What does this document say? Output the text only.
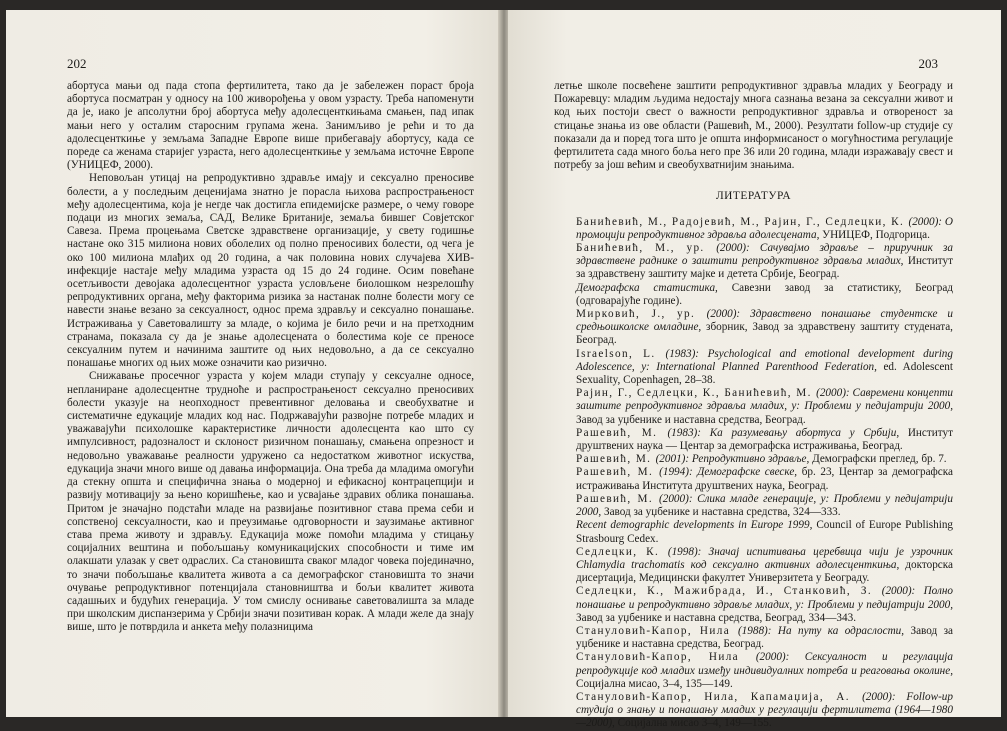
202

абортуса мањи од пада стопа фертилитета, тако да је забележен пораст броја абортуса посматран у односу на 100 живорођења у овом узрасту. Треба напоменути да је, иако је апсолутни број абортуса међу адолесценткињама смањен, пад ипак мањи него у осталим старосним групама жена. Занимљиво је рећи и то да адолесценткиње у земљама Западне Европе више прибегавају абортусу, када се пореде са женама старијег узраста, него адолесценткиње у земљама источне Европе (УНИЦЕФ, 2000).

Неповољан утицај на репродуктивно здравље имају и сексуално преносиве болести, а у последњим деценијама знатно је порасла њихова распрострањеност међу адолесцентима, која је негде чак достигла епидемијске размере, о чему говоре подаци из многих земаља, САД, Велике Британије, земаља бившег Совјетског Савеза. Према процењама Светске здравствене организације, у свету годишње настане око 315 милиона нових оболелих од полно преносивих болести, од чега је око 100 милиона млађих од 20 година, а чак половина нових случајева ХИВ-инфекције настаје међу младима узраста од 15 до 24 године. Осим повећане осетљивости девојака адолесцентног узраста условљене биолошком незрелошћу репродуктивних органа, међу факторима ризика за настанак полне болести могу се навести знање везано за сексуалност, однос према здрављу и сексуално понашање. Истраживања у Саветовалишту за младе, о којима је било речи и на претходним странама, показала су да је знање адолесцената о болестима које се преносе сексуалним путем и начинима заштите од њих недовољно, а да се сексуално понашање многих од њих може означити као ризично.

Снижавање просечног узраста у којем млади ступају у сексуалне односе, непланиране адолесцентне трудноће и распрострањеност сексуално преносивих болести указује на неопходност превентивног деловања и свеобухватне и систематичне едукације младих код нас. Подржавајући развојне потребе младих и уважавајући психолошке карактеристике личности адолесцента као што су импулсивност, радозналост и склоност ризичном понашању, смањена опрезност и недовољно уважавање реалности удружено са недостатком животног искуства, едукација значи много више од давања информација. Она треба да младима омогући да стекну општа и специфична знања о модерној и ефикасној контрацепцији и развију мотивацију за њено коришћење, као и усвајање здравих облика понашања. Притом је значајно подстаћи младе на развијање позитивног става према себи и сопственој сексуалности, као и преузимање одговорности и заузимање активног става према животу и здрављу. Едукација може помоћи младима у стицању социјалних вештина и побољшању комуникацијских способности и тиме им олакшати улазак у свет одраслих. Са становишта сваког младог човека појединачно, то значи побољшање квалитета живота а са демографског становишта то значи очување репродуктивног потенцијала становништва и бољи квалитет живота садашњих и будућих генерација. У том смислу оснивање саветовалишта за младе при школским диспанзерима у Србији значи позитиван корак. А млади желе да знају више, што је потврдила и анкета међу полазницима

203

летње школе посвећене заштити репродуктивног здравља младих у Београду и Пожаревцу: младим људима недостају многа сазнања везана за сексуални живот и код њих постоји свест о важности репродуктивног здравља и отвореност за стицање знања из ове области (Рашевић, М., 2000). Резултати follow-up студије су показали да и поред тога што је општа информисаност о могућностима регулације фертилитета сада много боља него пре 36 или 20 година, млади изражавају свест и потребу за још већим и свеобухватнијим знањима.

ЛИТЕРАТУРА

Банићевић, М., Радојевић, М., Рајин, Г., Седлецки, К. (2000): О промоцији репродуктивног здравља адолесцената, УНИЦЕФ, Подгорица.

Банићевић, М., ур. (2000): Сачувајмо здравље – приручник за здравствене раднике о заштити репродуктивног здравља младих, Институт за здравствену заштиту мајке и детета Србије, Београд.

Демографска статистика, Савезни завод за статистику, Београд (одговарајуће године).

Мирковић, Ј., ур. (2000): Здравствено понашање студентске и средњошколске омладине, зборник, Завод за здравствену заштиту студената, Београд.

Israelson, L. (1983): Psychological and emotional development during Adolescence, у: International Planned Parenthood Federation, ed. Adolescent Sexuality, Copenhagen, 28–38.

Рајин, Г., Седлецки, К., Банићевић, М. (2000): Савремени концепти заштите репродуктивног здравља младих, у: Проблеми у педијатрији 2000, Завод за уџбенике и наставна средства, Београд.

Рашевић, М. (1983): Ка разумевању абортуса у Србији, Институт друштвених наука — Центар за демографска истраживања, Београд.

Рашевић, М. (2001): Репродуктивно здравље, Демографски преглед, бр. 7.

Рашевић, М. (1994): Демографске свеске, бр. 23, Центар за демографска истраживања Института друштвених наука, Београд.

Рашевић, М. (2000): Слика младе генерације, у: Проблеми у педијатрији 2000, Завод за уџбенике и наставна средства, 324—333.

Recent demographic developments in Europe 1999, Council of Europe Publishing Strasbourg Cedex.

Седлецки, К. (1998): Значај испитивања церебвица чији је узрочник Chlamydia trachomatis код сексуално активних адолесценткиња, докторска дисертација, Медицински факултет Универзитета у Београду.

Седлецки, К., Мажибрада, И., Станковић, З. (2000): Полно понашање и репродуктивно здравље младих, у: Проблеми у педијатрији 2000, Завод за уџбенике и наставна средства, Београд, 334—343.

Стануловић-Капор, Нила (1988): На путу ка одраслости, Завод за уџбенике и наставна средства, Београд.

Стануловић-Капор, Нила (2000): Сексуалност и регулација репродукције код младих између индивидуалних потреба и реаговања околине, Социјална мисао, 3–4, 135—149.

Стануловић-Капор, Нила, Капамаџија, А. (2000): Follow-up студија о знању и понашању младих у регулацији фертилитета (1964—1980—2000), Социјална мисао 3–4, 149—155.
